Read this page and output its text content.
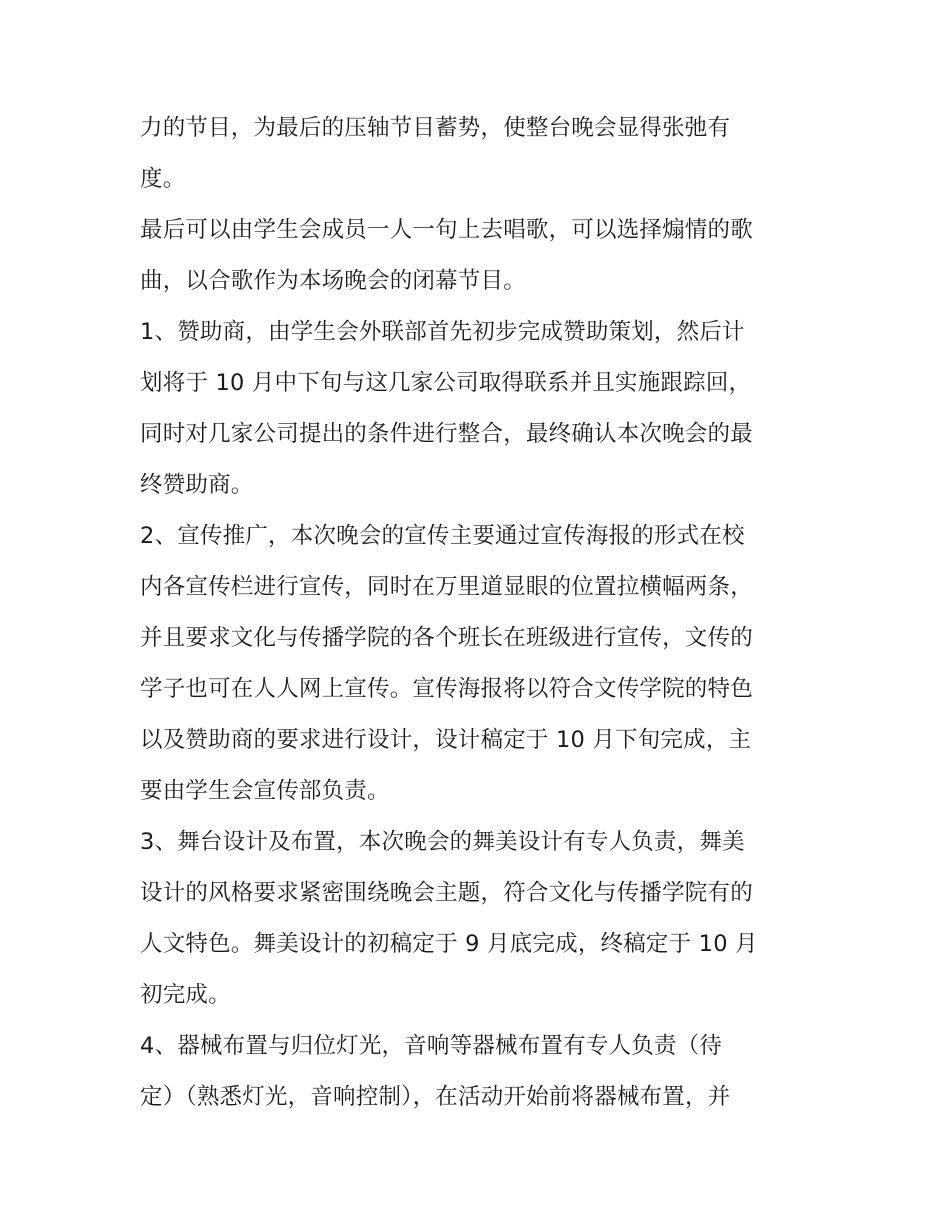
力的节目，为最后的压轴节目蓄势，使整台晚会显得张弛有
度。
最后可以由学生会成员一人一句上去唱歌，可以选择煽情的歌
曲，以合歌作为本场晚会的闭幕节目。
1、赞助商，由学生会外联部首先初步完成赞助策划，然后计
划将于 10 月中下旬与这几家公司取得联系并且实施跟踪回，
同时对几家公司提出的条件进行整合，最终确认本次晚会的最
终赞助商。
2、宣传推广，本次晚会的宣传主要通过宣传海报的形式在校
内各宣传栏进行宣传，同时在万里道显眼的位置拉横幅两条，
并且要求文化与传播学院的各个班长在班级进行宣传，文传的
学子也可在人人网上宣传。宣传海报将以符合文传学院的特色
以及赞助商的要求进行设计，设计稿定于 10 月下旬完成，主
要由学生会宣传部负责。
3、舞台设计及布置，本次晚会的舞美设计有专人负责，舞美
设计的风格要求紧密围绕晚会主题，符合文化与传播学院有的
人文特色。舞美设计的初稿定于 9 月底完成，终稿定于 10 月
初完成。
4、器械布置与归位灯光，音响等器械布置有专人负责（待
定）（熟悉灯光，音响控制），在活动开始前将器械布置，并
